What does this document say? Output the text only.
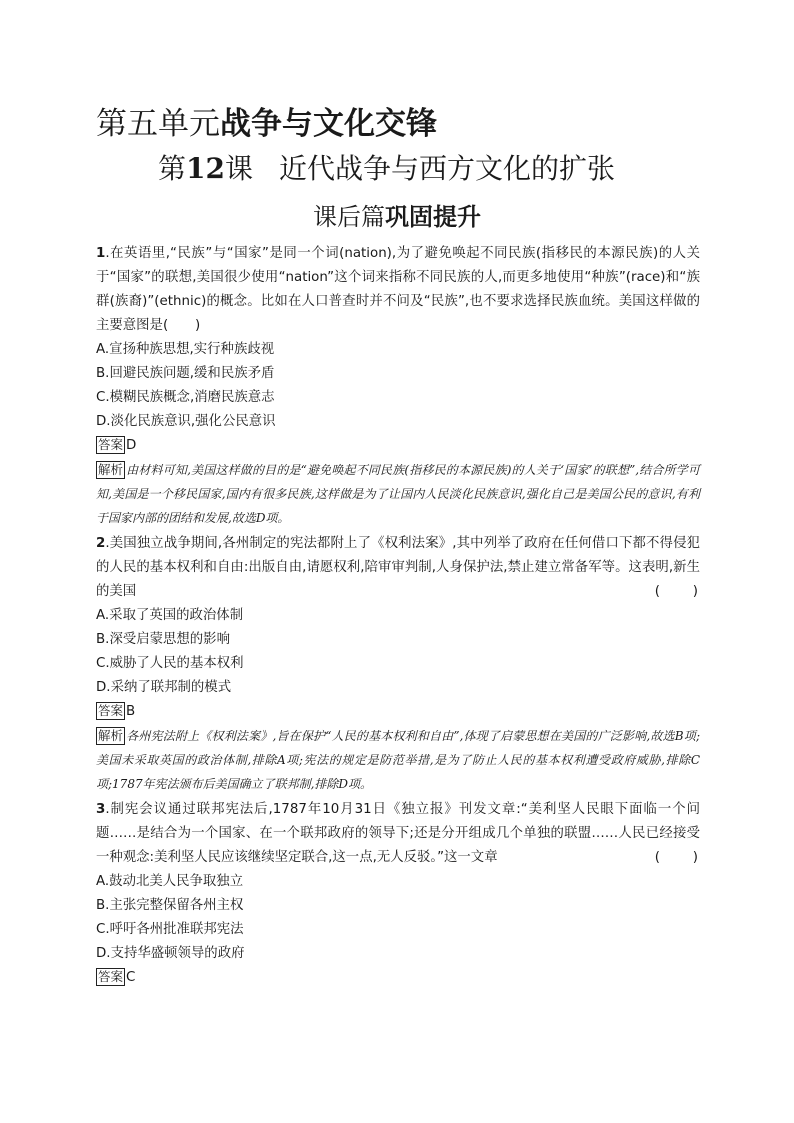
第五单元战争与文化交锋
第12课 近代战争与西方文化的扩张
课后篇巩固提升

1.在英语里,“民族”与“国家”是同一个词(nation),为了避免唤起不同民族(指移民的本源民族)的人关于“国家”的联想,美国很少使用“nation”这个词来指称不同民族的人,而更多地使用“种族”(race)和“族群(族裔)”(ethnic)的概念。比如在人口普查时并不问及“民族”,也不要求选择民族血统。美国这样做的主要意图是(　　)

A.宣扬种族思想,实行种族歧视

B.回避民族问题,缓和民族矛盾

C.模糊民族概念,消磨民族意志

D.淡化民族意识,强化公民意识

答案 D

解析 由材料可知,美国这样做的目的是“避免唤起不同民族(指移民的本源民族)的人关于‘国家’的联想”,结合所学可知,美国是一个移民国家,国内有很多民族,这样做是为了让国内人民淡化民族意识,强化自己是美国公民的意识,有利于国家内部的团结和发展,故选D项。

2.美国独立战争期间,各州制定的宪法都附上了《权利法案》,其中列举了政府在任何借口下都不得侵犯的人民的基本权利和自由:出版自由,请愿权利,陪审审判制,人身保护法,禁止建立常备军等。这表明,新生的美国	(　　)

A.采取了英国的政治体制

B.深受启蒙思想的影响

C.威胁了人民的基本权利

D.采纳了联邦制的模式

答案 B

解析 各州宪法附上《权利法案》,旨在保护“人民的基本权利和自由”,体现了启蒙思想在美国的广泛影响,故选B项;美国未采取英国的政治体制,排除A项;宪法的规定是防范举措,是为了防止人民的基本权利遭受政府威胁,排除C项;1787年宪法颁布后美国确立了联邦制,排除D项。

3.制宪会议通过联邦宪法后,1787年10月31日《独立报》刊发文章:“美利坚人民眼下面临一个问题……是结合为一个国家、在一个联邦政府的领导下;还是分开组成几个单独的联盟……人民已经接受一种观念:美利坚人民应该继续坚定联合,这一点,无人反驳。”这一文章	(　　)

A.鼓动北美人民争取独立

B.主张完整保留各州主权

C.呼吁各州批准联邦宪法

D.支持华盛顿领导的政府

答案 C
